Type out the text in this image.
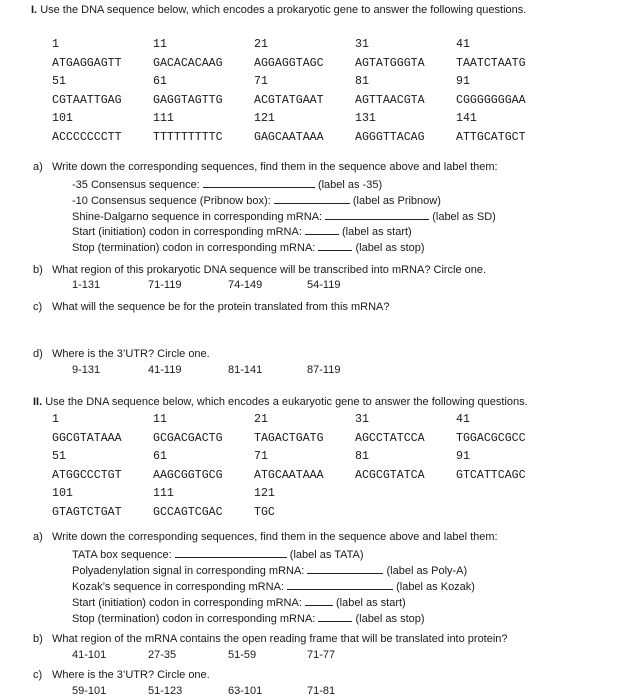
I. Use the DNA sequence below, which encodes a prokaryotic gene to answer the following questions.
1	11	21	31	41
ATGAGGAGTT	GACACACAAG	AGGAGGTAGC	AGTATGGGTA	TAATCTAATG
51	61	71	81	91
CGTAATTGAG	GAGGTAGTTG	ACGTATGAAT	AGTTAACGTA	CGGGGGGGAA
101	111	121	131	141
ACCCCCCCTT	TTTTTTTTTC	GAGCAATAAA	AGGGTTACAG	ATTGCATGCT
a) Write down the corresponding sequences, find them in the sequence above and label them:
-35 Consensus sequence:	(label as -35)
-10 Consensus sequence (Pribnow box):	(label as Pribnow)
Shine-Dalgarno sequence in corresponding mRNA:	(label as SD)
Start (initiation) codon in corresponding mRNA:	(label as start)
Stop (termination) codon in corresponding mRNA:	(label as stop)
b) What region of this prokaryotic DNA sequence will be transcribed into mRNA? Circle one.
1-131	71-119	74-149	54-119
c) What will the sequence be for the protein translated from this mRNA?
d) Where is the 3’UTR? Circle one.
9-131	41-119	81-141	87-119
II. Use the DNA sequence below, which encodes a eukaryotic gene to answer the following questions.
1	11	21	31	41
GGCGTATAAA	GCGACGACTG	TAGACTGATG	AGCCTATCCA	TGGACGCGCC
51	61	71	81	91
ATGGCCCTGT	AAGCGGTGCG	ATGCAATAAA	ACGCGTATCA	GTCATTCAGC
101	111	121
GTAGTCTGAT	GCCAGTCGAC	TGC
a) Write down the corresponding sequences, find them in the sequence above and label them:
TATA box sequence:	(label as TATA)
Polyadenylation signal in corresponding mRNA:	(label as Poly-A)
Kozak’s sequence in corresponding mRNA:	(label as Kozak)
Start (initiation) codon in corresponding mRNA:	(label as start)
Stop (termination) codon in corresponding mRNA:	(label as stop)
b) What region of the mRNA contains the open reading frame that will be translated into protein?
41-101	27-35	51-59	71-77
c) Where is the 3’UTR? Circle one.
59-101	51-123	63-101	71-81
